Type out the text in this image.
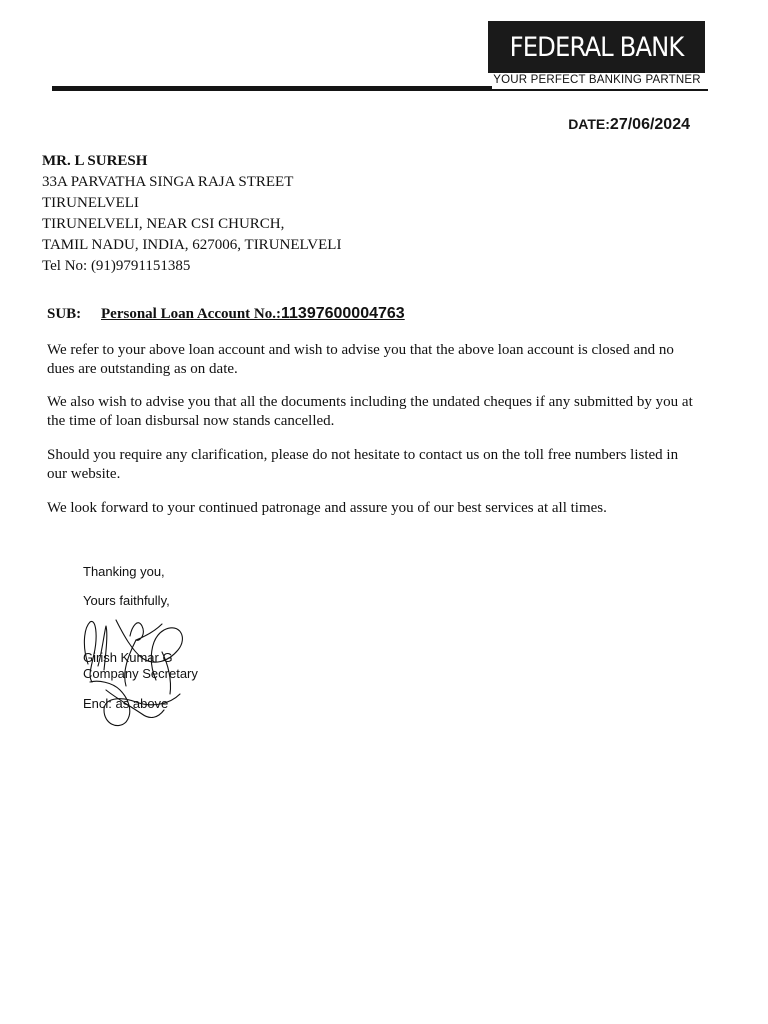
FEDERAL BANK
YOUR PERFECT BANKING PARTNER
DATE:27/06/2024
MR. L SURESH
33A PARVATHA SINGA RAJA STREET
TIRUNELVELI
TIRUNELVELI, NEAR CSI CHURCH,
TAMIL NADU, INDIA, 627006, TIRUNELVELI
Tel No: (91)9791151385
SUB: Personal Loan Account No.:11397600004763

We refer to your above loan account and wish to advise you that the above loan account is closed and no dues are outstanding as on date.

We also wish to advise you that all the documents including the undated cheques if any submitted by you at the time of loan disbursal now stands cancelled.

Should you require any clarification, please do not hesitate to contact us on the toll free numbers listed in our website.

We look forward to your continued patronage and assure you of our best services at all times.

Thanking you,
Yours faithfully,
Girish Kumar G
Company Secretary
Encl: as above
